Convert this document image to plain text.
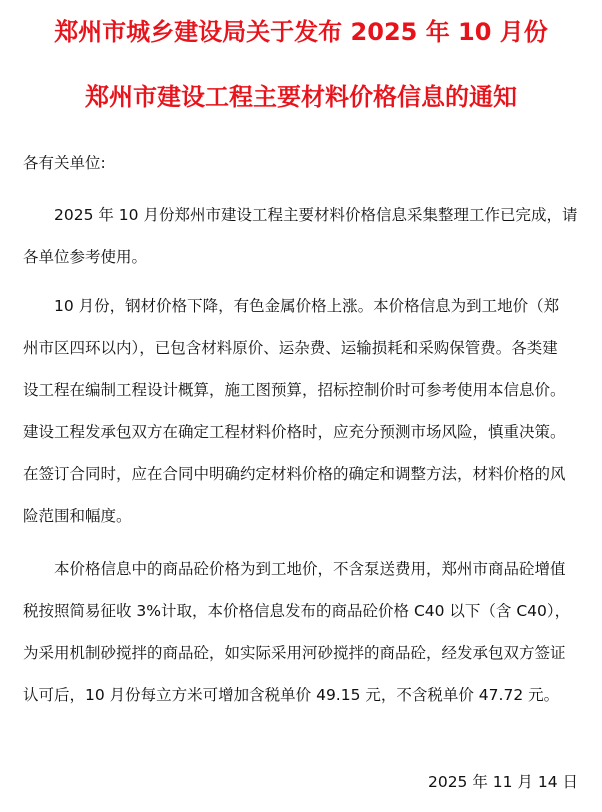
郑州市城乡建设局关于发布 2025 年 10 月份
郑州市建设工程主要材料价格信息的通知
各有关单位:
2025 年 10 月份郑州市建设工程主要材料价格信息采集整理工作已完成，请
各单位参考使用。
10 月份，钢材价格下降，有色金属价格上涨。本价格信息为到工地价（郑
州市区四环以内），已包含材料原价、运杂费、运输损耗和采购保管费。各类建
设工程在编制工程设计概算，施工图预算，招标控制价时可参考使用本信息价。
建设工程发承包双方在确定工程材料价格时，应充分预测市场风险，慎重决策。
在签订合同时，应在合同中明确约定材料价格的确定和调整方法，材料价格的风
险范围和幅度。
本价格信息中的商品砼价格为到工地价，不含泵送费用，郑州市商品砼增值
税按照简易征收 3%计取，本价格信息发布的商品砼价格 C40 以下（含 C40），
为采用机制砂搅拌的商品砼，如实际采用河砂搅拌的商品砼，经发承包双方签证
认可后，10 月份每立方米可增加含税单价 49.15 元，不含税单价 47.72 元。
2025 年 11 月 14 日
